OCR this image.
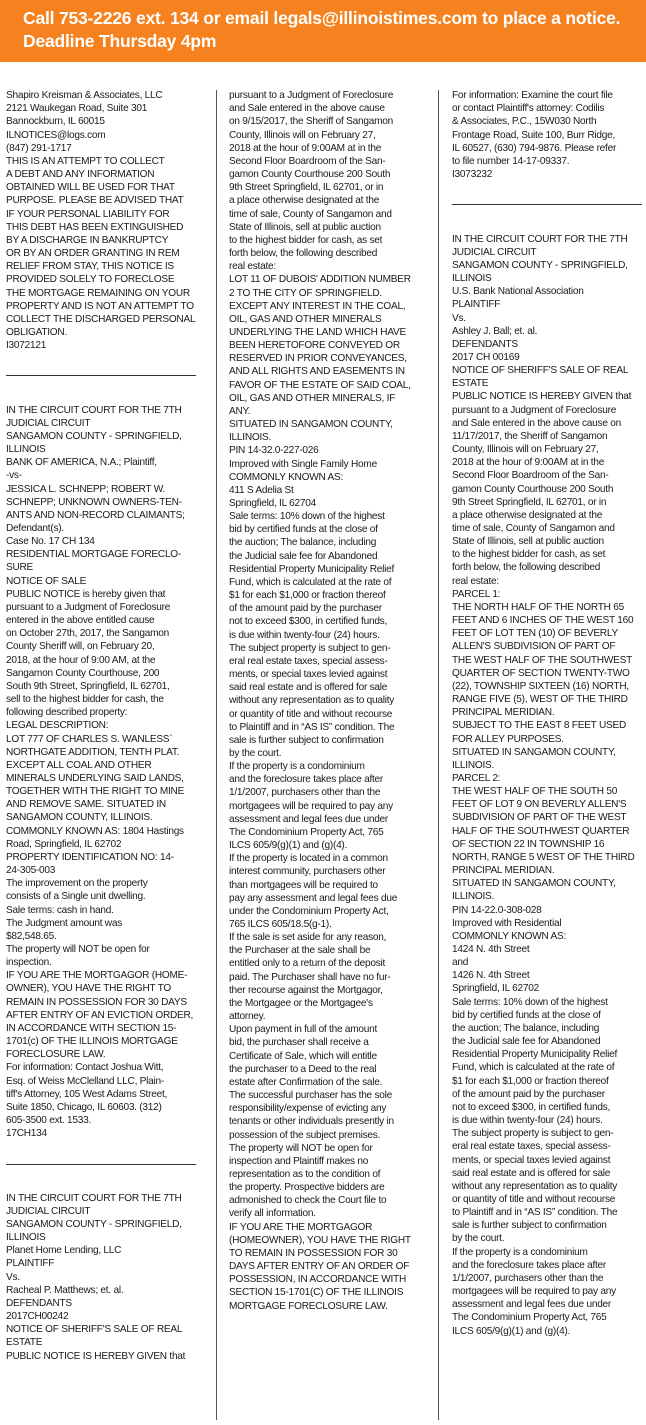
Call 753-2226 ext. 134 or email legals@illinoistimes.com to place a notice.
Deadline Thursday 4pm

Shapiro Kreisman & Associates, LLC
2121 Waukegan Road, Suite 301
Bannockburn, IL 60015
ILNOTICES@logs.com
(847) 291-1717
THIS IS AN ATTEMPT TO COLLECT
A DEBT AND ANY INFORMATION
OBTAINED WILL BE USED FOR THAT
PURPOSE. PLEASE BE ADVISED THAT
IF YOUR PERSONAL LIABILITY FOR
THIS DEBT HAS BEEN EXTINGUISHED
BY A DISCHARGE IN BANKRUPTCY
OR BY AN ORDER GRANTING IN REM
RELIEF FROM STAY, THIS NOTICE IS
PROVIDED SOLELY TO FORECLOSE
THE MORTGAGE REMAINING ON YOUR
PROPERTY AND IS NOT AN ATTEMPT TO
COLLECT THE DISCHARGED PERSONAL
OBLIGATION.
I3072121

IN THE CIRCUIT COURT FOR THE 7TH
JUDICIAL CIRCUIT
SANGAMON COUNTY - SPRINGFIELD,
ILLINOIS
BANK OF AMERICA, N.A.; Plaintiff,
-vs-
JESSICA L. SCHNEPP; ROBERT W.
SCHNEPP; UNKNOWN OWNERS-TEN-
ANTS AND NON-RECORD CLAIMANTS;
Defendant(s).
Case No. 17 CH 134
RESIDENTIAL MORTGAGE FORECLO-
SURE
NOTICE OF SALE
PUBLIC NOTICE is hereby given that
pursuant to a Judgment of Foreclosure
entered in the above entitled cause
on October 27th, 2017, the Sangamon
County Sheriff will, on February 20,
2018, at the hour of 9:00 AM, at the
Sangamon County Courthouse, 200
South 9th Street, Springfield, IL 62701,
sell to the highest bidder for cash, the
following described property:
LEGAL DESCRIPTION:
LOT 777 OF CHARLES S. WANLESS`
NORTHGATE ADDITION, TENTH PLAT.
EXCEPT ALL COAL AND OTHER
MINERALS UNDERLYING SAID LANDS,
TOGETHER WITH THE RIGHT TO MINE
AND REMOVE SAME. SITUATED IN
SANGAMON COUNTY, ILLINOIS.
COMMONLY KNOWN AS: 1804 Hastings
Road, Springfield, IL 62702
PROPERTY IDENTIFICATION NO: 14-
24-305-003
The improvement on the property
consists of a Single unit dwelling.
Sale terms: cash in hand.
The Judgment amount was
$82,548.65.
The property will NOT be open for
inspection.
IF YOU ARE THE MORTGAGOR (HOME-
OWNER), YOU HAVE THE RIGHT TO
REMAIN IN POSSESSION FOR 30 DAYS
AFTER ENTRY OF AN EVICTION ORDER,
IN ACCORDANCE WITH SECTION 15-
1701(c) OF THE ILLINOIS MORTGAGE
FORECLOSURE LAW.
For information: Contact Joshua Witt,
Esq. of Weiss McClelland LLC, Plain-
tiff's Attorney, 105 West Adams Street,
Suite 1850, Chicago, IL 60603. (312)
605-3500 ext. 1533.
17CH134

IN THE CIRCUIT COURT FOR THE 7TH
JUDICIAL CIRCUIT
SANGAMON COUNTY - SPRINGFIELD,
ILLINOIS
Planet Home Lending, LLC
PLAINTIFF
Vs.
Racheal P. Matthews; et. al.
DEFENDANTS
2017CH00242
NOTICE OF SHERIFF'S SALE OF REAL
ESTATE
PUBLIC NOTICE IS HEREBY GIVEN that

pursuant to a Judgment of Foreclosure
and Sale entered in the above cause
on 9/15/2017, the Sheriff of Sangamon
County, Illinois will on February 27,
2018 at the hour of 9:00AM at in the
Second Floor Boardroom of the San-
gamon County Courthouse 200 South
9th Street Springfield, IL 62701, or in
a place otherwise designated at the
time of sale, County of Sangamon and
State of Illinois, sell at public auction
to the highest bidder for cash, as set
forth below, the following described
real estate:
LOT 11 OF DUBOIS' ADDITION NUMBER
2 TO THE CITY OF SPRINGFIELD.
EXCEPT ANY INTEREST IN THE COAL,
OIL, GAS AND OTHER MINERALS
UNDERLYING THE LAND WHICH HAVE
BEEN HERETOFORE CONVEYED OR
RESERVED IN PRIOR CONVEYANCES,
AND ALL RIGHTS AND EASEMENTS IN
FAVOR OF THE ESTATE OF SAID COAL,
OIL, GAS AND OTHER MINERALS, IF
ANY.
SITUATED IN SANGAMON COUNTY,
ILLINOIS.
PIN 14-32.0-227-026
Improved with Single Family Home
COMMONLY KNOWN AS:
411 S Adelia St
Springfield, IL 62704
Sale terms: 10% down of the highest
bid by certified funds at the close of
the auction; The balance, including
the Judicial sale fee for Abandoned
Residential Property Municipality Relief
Fund, which is calculated at the rate of
$1 for each $1,000 or fraction thereof
of the amount paid by the purchaser
not to exceed $300, in certified funds,
is due within twenty-four (24) hours.
The subject property is subject to gen-
eral real estate taxes, special assess-
ments, or special taxes levied against
said real estate and is offered for sale
without any representation as to quality
or quantity of title and without recourse
to Plaintiff and in “AS IS” condition. The
sale is further subject to confirmation
by the court.
If the property is a condominium
and the foreclosure takes place after
1/1/2007, purchasers other than the
mortgagees will be required to pay any
assessment and legal fees due under
The Condominium Property Act, 765
ILCS 605/9(g)(1) and (g)(4).
If the property is located in a common
interest community, purchasers other
than mortgagees will be required to
pay any assessment and legal fees due
under the Condominium Property Act,
765 ILCS 605/18.5(g-1).
If the sale is set aside for any reason,
the Purchaser at the sale shall be
entitled only to a return of the deposit
paid. The Purchaser shall have no fur-
ther recourse against the Mortgagor,
the Mortgagee or the Mortgagee's
attorney.
Upon payment in full of the amount
bid, the purchaser shall receive a
Certificate of Sale, which will entitle
the purchaser to a Deed to the real
estate after Confirmation of the sale.
The successful purchaser has the sole
responsibility/expense of evicting any
tenants or other individuals presently in
possession of the subject premises.
The property will NOT be open for
inspection and Plaintiff makes no
representation as to the condition of
the property. Prospective bidders are
admonished to check the Court file to
verify all information.
IF YOU ARE THE MORTGAGOR
(HOMEOWNER), YOU HAVE THE RIGHT
TO REMAIN IN POSSESSION FOR 30
DAYS AFTER ENTRY OF AN ORDER OF
POSSESSION, IN ACCORDANCE WITH
SECTION 15-1701(C) OF THE ILLINOIS
MORTGAGE FORECLOSURE LAW.

For information: Examine the court file
or contact Plaintiff's attorney: Codilis
& Associates, P.C., 15W030 North
Frontage Road, Suite 100, Burr Ridge,
IL 60527, (630) 794-9876. Please refer
to file number 14-17-09337.
I3073232

IN THE CIRCUIT COURT FOR THE 7TH
JUDICIAL CIRCUIT
SANGAMON COUNTY - SPRINGFIELD,
ILLINOIS
U.S. Bank National Association
PLAINTIFF
Vs.
Ashley J. Ball; et. al.
DEFENDANTS
2017 CH 00169
NOTICE OF SHERIFF'S SALE OF REAL
ESTATE
PUBLIC NOTICE IS HEREBY GIVEN that
pursuant to a Judgment of Foreclosure
and Sale entered in the above cause on
11/17/2017, the Sheriff of Sangamon
County, Illinois will on February 27,
2018 at the hour of 9:00AM at in the
Second Floor Boardroom of the San-
gamon County Courthouse 200 South
9th Street Springfield, IL 62701, or in
a place otherwise designated at the
time of sale, County of Sangamon and
State of Illinois, sell at public auction
to the highest bidder for cash, as set
forth below, the following described
real estate:
PARCEL 1:
THE NORTH HALF OF THE NORTH 65
FEET AND 6 INCHES OF THE WEST 160
FEET OF LOT TEN (10) OF BEVERLY
ALLEN'S SUBDIVISION OF PART OF
THE WEST HALF OF THE SOUTHWEST
QUARTER OF SECTION TWENTY-TWO
(22), TOWNSHIP SIXTEEN (16) NORTH,
RANGE FIVE (5), WEST OF THE THIRD
PRINCIPAL MERIDIAN.
SUBJECT TO THE EAST 8 FEET USED
FOR ALLEY PURPOSES.
SITUATED IN SANGAMON COUNTY,
ILLINOIS.
PARCEL 2:
THE WEST HALF OF THE SOUTH 50
FEET OF LOT 9 ON BEVERLY ALLEN'S
SUBDIVISION OF PART OF THE WEST
HALF OF THE SOUTHWEST QUARTER
OF SECTION 22 IN TOWNSHIP 16
NORTH, RANGE 5 WEST OF THE THIRD
PRINCIPAL MERIDIAN.
SITUATED IN SANGAMON COUNTY,
ILLINOIS.
PIN 14-22.0-308-028
Improved with Residential
COMMONLY KNOWN AS:
1424 N. 4th Street
and
1426 N. 4th Street
Springfield, IL 62702
Sale terms: 10% down of the highest
bid by certified funds at the close of
the auction; The balance, including
the Judicial sale fee for Abandoned
Residential Property Municipality Relief
Fund, which is calculated at the rate of
$1 for each $1,000 or fraction thereof
of the amount paid by the purchaser
not to exceed $300, in certified funds,
is due within twenty-four (24) hours.
The subject property is subject to gen-
eral real estate taxes, special assess-
ments, or special taxes levied against
said real estate and is offered for sale
without any representation as to quality
or quantity of title and without recourse
to Plaintiff and in “AS IS” condition. The
sale is further subject to confirmation
by the court.
If the property is a condominium
and the foreclosure takes place after
1/1/2007, purchasers other than the
mortgagees will be required to pay any
assessment and legal fees due under
The Condominium Property Act, 765
ILCS 605/9(g)(1) and (g)(4).
